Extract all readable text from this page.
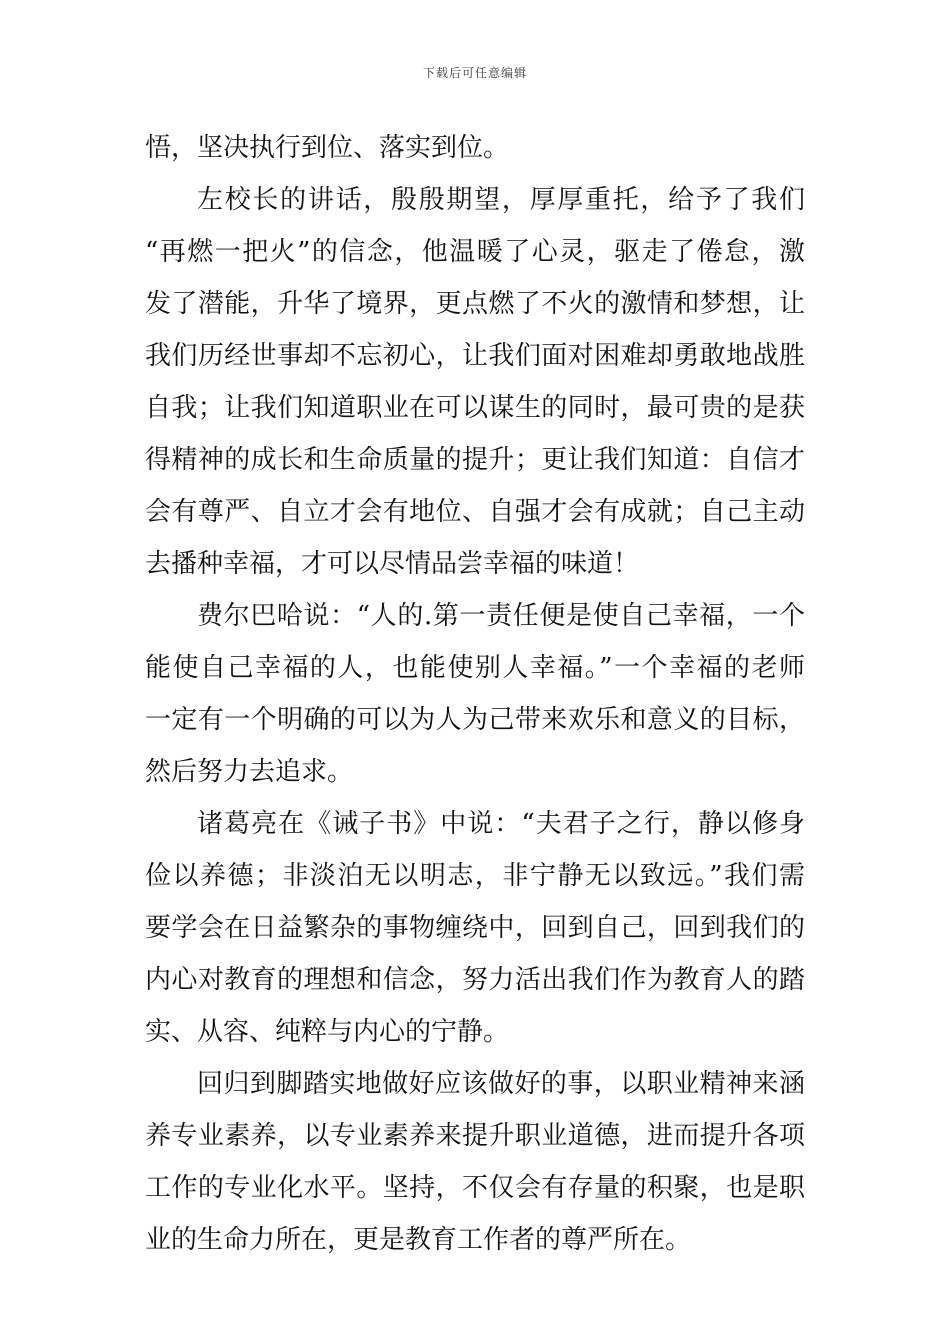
下载后可任意编辑
悟，坚决执行到位、落实到位。
左校长的讲话，殷殷期望，厚厚重托，给予了我们
“再燃一把火”的信念，他温暖了心灵，驱走了倦怠，激
发了潜能，升华了境界，更点燃了不火的激情和梦想，让
我们历经世事却不忘初心，让我们面对困难却勇敢地战胜
自我；让我们知道职业在可以谋生的同时，最可贵的是获
得精神的成长和生命质量的提升；更让我们知道：自信才
会有尊严、自立才会有地位、自强才会有成就；自己主动
去播种幸福，才可以尽情品尝幸福的味道！
费尔巴哈说：“人的.第一责任便是使自己幸福，一个
能使自己幸福的人，也能使别人幸福。”一个幸福的老师
一定有一个明确的可以为人为己带来欢乐和意义的目标，
然后努力去追求。
诸葛亮在《诫子书》中说：“夫君子之行，静以修身
俭以养德；非淡泊无以明志，非宁静无以致远。”我们需
要学会在日益繁杂的事物缠绕中，回到自己，回到我们的
内心对教育的理想和信念，努力活出我们作为教育人的踏
实、从容、纯粹与内心的宁静。
回归到脚踏实地做好应该做好的事，以职业精神来涵
养专业素养，以专业素养来提升职业道德，进而提升各项
工作的专业化水平。坚持，不仅会有存量的积聚，也是职
业的生命力所在，更是教育工作者的尊严所在。
